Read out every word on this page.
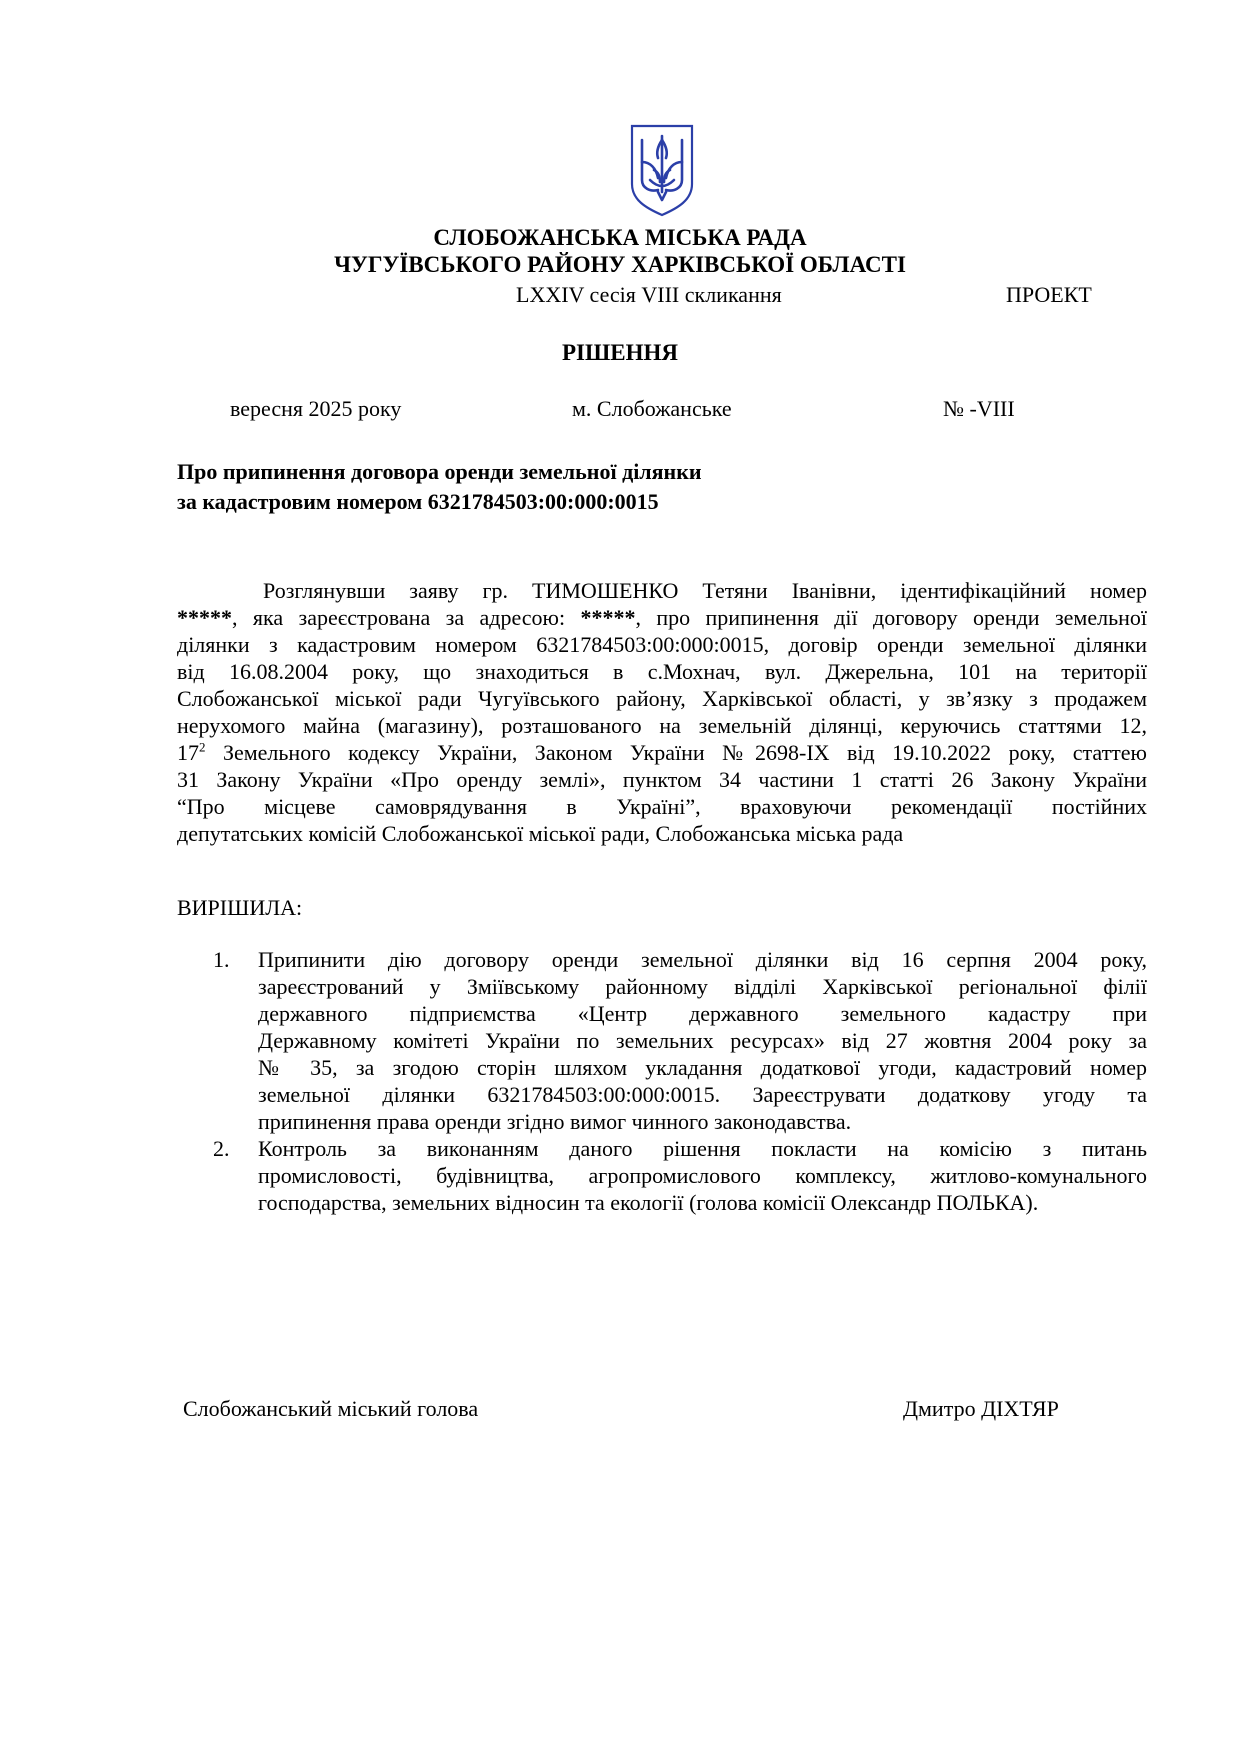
СЛОБОЖАНСЬКА МІСЬКА РАДА
ЧУГУЇВСЬКОГО РАЙОНУ ХАРКІВСЬКОЇ ОБЛАСТІ
LXXIV сесія VIII скликання	ПРОЕКТ
РІШЕННЯ
вересня 2025 року	м. Слобожанське	№ -VIII
Про припинення договора оренди земельної ділянки
за кадастровим номером 6321784503:00:000:0015
Розглянувши заяву гр. ТИМОШЕНКО Тетяни Іванівни, ідентифікаційний номер
*****, яка зареєстрована за адресою: *****, про припинення дії договору оренди земельної
ділянки з кадастровим номером 6321784503:00:000:0015, договір оренди земельної ділянки
від 16.08.2004 року, що знаходиться в с.Мохнач, вул. Джерельна, 101 на території
Слобожанської міської ради Чугуївського району, Харківської області, у зв’язку з продажем
нерухомого майна (магазину), розташованого на земельній ділянці, керуючись статтями 12,
$17^2$ Земельного кодексу України, Законом України №2698-ІХ від 19.10.2022 року, статтею
31 Закону України «Про оренду землі», пунктом 34 частини 1 статті 26 Закону України
“Про місцеве самоврядування в Україні”, враховуючи рекомендації постійних
депутатських комісій Слобожанської міської ради, Слобожанська міська рада
ВИРІШИЛА:
1. Припинити дію договору оренди земельної ділянки від 16 серпня 2004 року,
зареєстрований у Зміївському районному відділі Харківської регіональної філії
державного підприємства «Центр державного земельного кадастру при
Державному комітеті України по земельних ресурсах» від 27 жовтня 2004 року за
№ 35, за згодою сторін шляхом укладання додаткової угоди, кадастровий номер
земельної ділянки 6321784503:00:000:0015. Зареєструвати додаткову угоду та
припинення права оренди згідно вимог чинного законодавства.
2. Контроль за виконанням даного рішення покласти на комісію з питань
промисловості, будівництва, агропромислового комплексу, житлово-комунального
господарства, земельних відносин та екології (голова комісії Олександр ПОЛЬКА).
Слобожанський міський голова	Дмитро ДІХТЯР
